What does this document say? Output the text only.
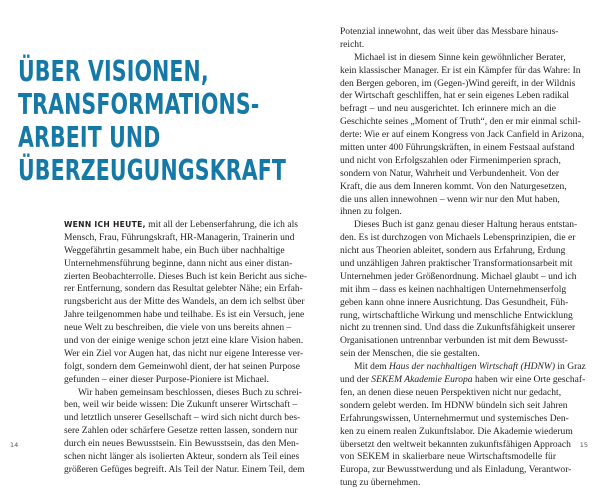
ÜBER VISIONEN,
TRANSFORMATIONS-
ARBEIT UND
ÜBERZEUGUNGSKRAFT
WENN ICH HEUTE, mit all der Lebenserfahrung, die ich als
Mensch, Frau, Führungskraft, HR-Managerin, Trainerin und
Weggefährtin gesammelt habe, ein Buch über nachhaltige
Unternehmensführung beginne, dann nicht aus einer distan-
zierten Beobachterrolle. Dieses Buch ist kein Bericht aus siche-
rer Entfernung, sondern das Resultat gelebter Nähe; ein Erfah-
rungsbericht aus der Mitte des Wandels, an dem ich selbst über
Jahre teilgenommen habe und teilhabe. Es ist ein Versuch, jene
neue Welt zu beschreiben, die viele von uns bereits ahnen –
und von der einige wenige schon jetzt eine klare Vision haben.
Wer ein Ziel vor Augen hat, das nicht nur eigene Interesse ver-
folgt, sondern dem Gemeinwohl dient, der hat seinen Purpose
gefunden – einer dieser Purpose-Pioniere ist Michael.
Wir haben gemeinsam beschlossen, dieses Buch zu schrei-
ben, weil wir beide wissen: Die Zukunft unserer Wirtschaft –
und letztlich unserer Gesellschaft – wird sich nicht durch bes-
sere Zahlen oder schärfere Gesetze retten lassen, sondern nur
durch ein neues Bewusstsein. Ein Bewusstsein, das den Men-
schen nicht länger als isolierten Akteur, sondern als Teil eines
größeren Gefüges begreift. Als Teil der Natur. Einem Teil, dem
14
Potenzial innewohnt, das weit über das Messbare hinaus-
reicht.
Michael ist in diesem Sinne kein gewöhnlicher Berater,
kein klassischer Manager. Er ist ein Kämpfer für das Wahre: In
den Bergen geboren, im (Gegen-)Wind gereift, in der Wildnis
der Wirtschaft geschliffen, hat er sein eigenes Leben radikal
befragt – und neu ausgerichtet. Ich erinnere mich an die
Geschichte seines „Moment of Truth“, den er mir einmal schil-
derte: Wie er auf einem Kongress von Jack Canfield in Arizona,
mitten unter 400 Führungskräften, in einem Festsaal aufstand
und nicht von Erfolgszahlen oder Firmenimperien sprach,
sondern von Natur, Wahrheit und Verbundenheit. Von der
Kraft, die aus dem Inneren kommt. Von den Naturgesetzen,
die uns allen innewohnen – wenn wir nur den Mut haben,
ihnen zu folgen.
Dieses Buch ist ganz genau dieser Haltung heraus entstan-
den. Es ist durchzogen von Michaels Lebensprinzipien, die er
nicht aus Theorien ableitet, sondern aus Erfahrung, Erdung
und unzähligen Jahren praktischer Transformationsarbeit mit
Unternehmen jeder Größenordnung. Michael glaubt – und ich
mit ihm – dass es keinen nachhaltigen Unternehmenserfolg
geben kann ohne innere Ausrichtung. Das Gesundheit, Füh-
rung, wirtschaftliche Wirkung und menschliche Entwicklung
nicht zu trennen sind. Und dass die Zukunftsfähigkeit unserer
Organisationen untrennbar verbunden ist mit dem Bewusst-
sein der Menschen, die sie gestalten.
Mit dem Haus der nachhaltigen Wirtschaft (HDNW) in Graz
und der SEKEM Akademie Europa haben wir eine Orte geschaf-
fen, an denen diese neuen Perspektiven nicht nur gedacht,
sondern gelebt werden. Im HDNW bündeln sich seit Jahren
Erfahrungswissen, Unternehmermut und systemisches Den-
ken zu einem realen Zukunftslabor. Die Akademie wiederum
übersetzt den weltweit bekannten zukunftsfähigen Approach
von SEKEM in skalierbare neue Wirtschaftsmodelle für
Europa, zur Bewusstwerdung und als Einladung, Verantwor-
tung zu übernehmen.
15
